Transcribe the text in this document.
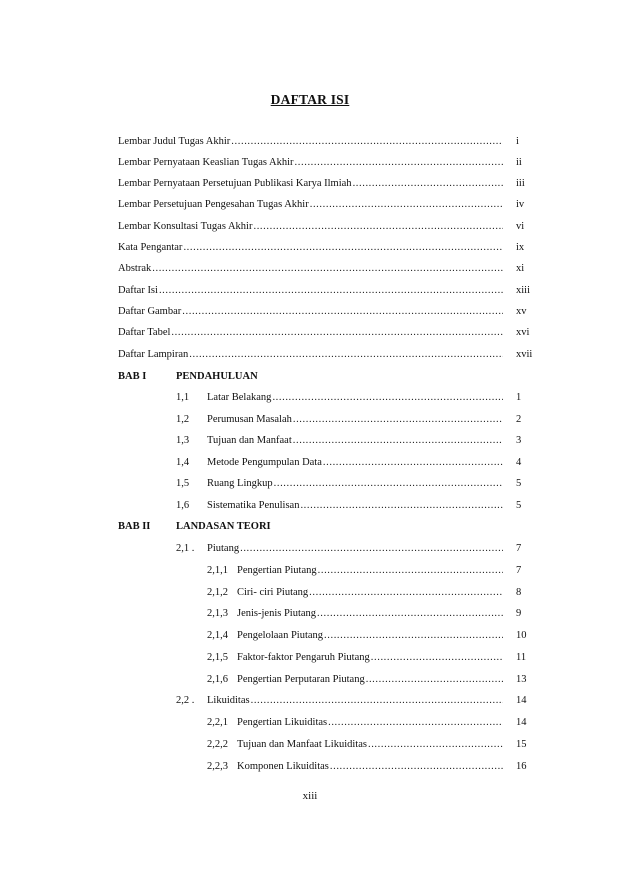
DAFTAR ISI
Lembar Judul Tugas Akhir .....	i
Lembar Pernyataan Keaslian Tugas Akhir .....	ii
Lembar Pernyataan Persetujuan Publikasi Karya Ilmiah .....	iii
Lembar Persetujuan Pengesahan Tugas Akhir .....	iv
Lembar Konsultasi Tugas Akhir .....	vi
Kata Pengantar .....	ix
Abstrak .....	xi
Daftar Isi .....	xiii
Daftar Gambar .....	xv
Daftar Tabel .....	xvi
Daftar Lampiran .....	xvii
BAB I	PENDAHULUAN
1,1 Latar Belakang .....	1
1,2 Perumusan Masalah .....	2
1,3 Tujuan dan Manfaat .....	3
1,4 Metode Pengumpulan Data .....	4
1,5 Ruang Lingkup .....	5
1,6 Sistematika Penulisan .....	5
BAB II LANDASAN TEORI
2,1 . Piutang .....	7
2,1,1 Pengertian Piutang .....	7
2,1,2 Ciri- ciri Piutang .....	8
2,1,3 Jenis-jenis Piutang .....	9
2,1,4 Pengelolaan Piutang .....	10
2,1,5 Faktor-faktor Pengaruh Piutang .....	11
2,1,6 Pengertian Perputaran Piutang .....	13
2,2 . Likuiditas .....	14
2,2,1 Pengertian Likuiditas .....	14
2,2,2 Tujuan dan Manfaat Likuiditas .....	15
2,2,3 Komponen Likuiditas .....	16
xiii
